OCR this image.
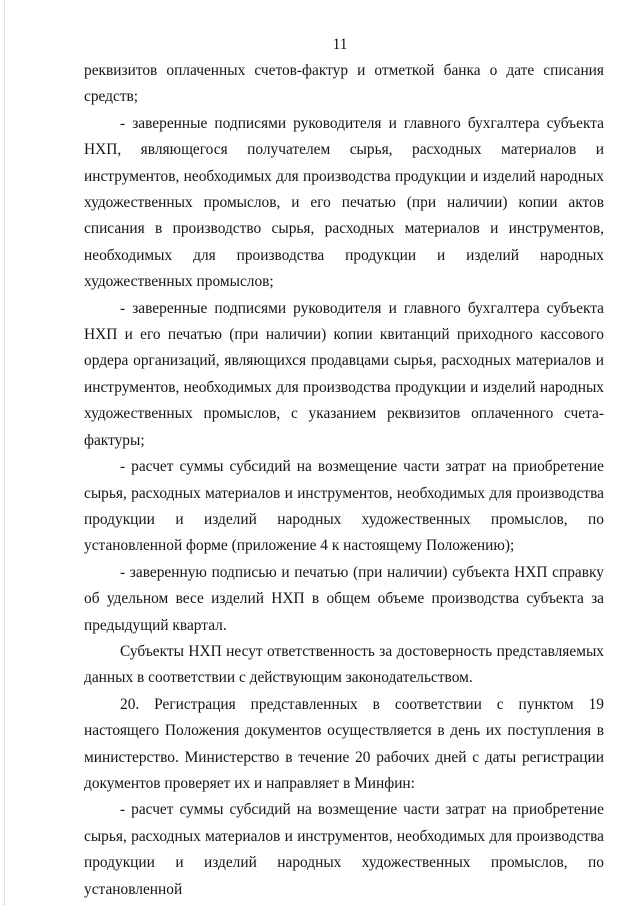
11

реквизитов оплаченных счетов-фактур и отметкой банка о дате списания средств;

- заверенные подписями руководителя и главного бухгалтера субъекта НХП, являющегося получателем сырья, расходных материалов и инструментов, необходимых для производства продукции и изделий народных художественных промыслов, и его печатью (при наличии) копии актов списания в производство сырья, расходных материалов и инструментов, необходимых для производства продукции и изделий народных художественных промыслов;

- заверенные подписями руководителя и главного бухгалтера субъекта НХП и его печатью (при наличии) копии квитанций приходного кассового ордера организаций, являющихся продавцами сырья, расходных материалов и инструментов, необходимых для производства продукции и изделий народных художественных промыслов, с указанием реквизитов оплаченного счета-фактуры;

- расчет суммы субсидий на возмещение части затрат на приобретение сырья, расходных материалов и инструментов, необходимых для производства продукции и изделий народных художественных промыслов, по установленной форме (приложение 4 к настоящему Положению);

- заверенную подписью и печатью (при наличии) субъекта НХП справку об удельном весе изделий НХП в общем объеме производства субъекта за предыдущий квартал.

Субъекты НХП несут ответственность за достоверность представляемых данных в соответствии с действующим законодательством.

20. Регистрация представленных в соответствии с пунктом 19 настоящего Положения документов осуществляется в день их поступления в министерство. Министерство в течение 20 рабочих дней с даты регистрации документов проверяет их и направляет в Минфин:

- расчет суммы субсидий на возмещение части затрат на приобретение сырья, расходных материалов и инструментов, необходимых для производства продукции и изделий народных художественных промыслов, по установленной
